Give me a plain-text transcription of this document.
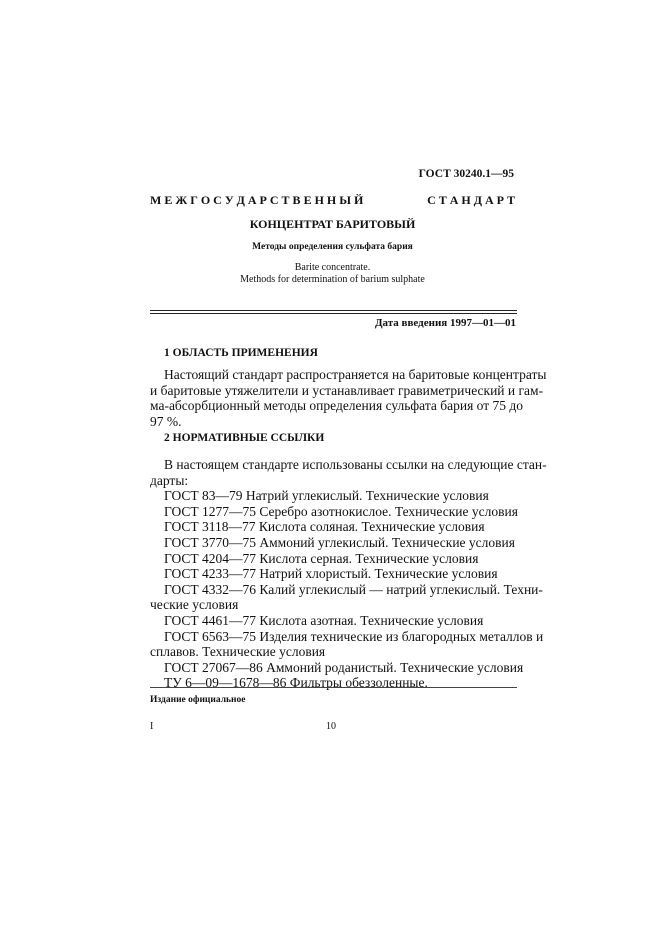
ГОСТ 30240.1—95
М Е Ж Г О С У Д А Р С Т В Е Н Н Ы Й	С Т А Н Д А Р Т
КОНЦЕНТРАТ БАРИТОВЫЙ
Методы определения сульфата бария
Barite concentrate.
Methods for determination of barium sulphate
Дата введения 1997—01—01
1 ОБЛАСТЬ ПРИМЕНЕНИЯ
Настоящий стандарт распространяется на баритовые концентраты
и баритовые утяжелители и устанавливает гравиметрический и гам-
ма-абсорбционный методы определения сульфата бария от 75 до
97 %.
2 НОРМАТИВНЫЕ ССЫЛКИ
В настоящем стандарте использованы ссылки на следующие стан-
дарты:
ГОСТ 83—79 Натрий углекислый. Технические условия
ГОСТ 1277—75 Серебро азотнокислое. Технические условия
ГОСТ 3118—77 Кислота соляная. Технические условия
ГОСТ 3770—75 Аммоний углекислый. Технические условия
ГОСТ 4204—77 Кислота серная. Технические условия
ГОСТ 4233—77 Натрий хлористый. Технические условия
ГОСТ 4332—76 Калий углекислый — натрий углекислый. Техни-
ческие условия
ГОСТ 4461—77 Кислота азотная. Технические условия
ГОСТ 6563—75 Изделия технические из благородных металлов и
сплавов. Технические условия
ГОСТ 27067—86 Аммоний роданистый. Технические условия
ТУ 6—09—1678—86 Фильтры обеззоленные.
Издание официальное
I	10
